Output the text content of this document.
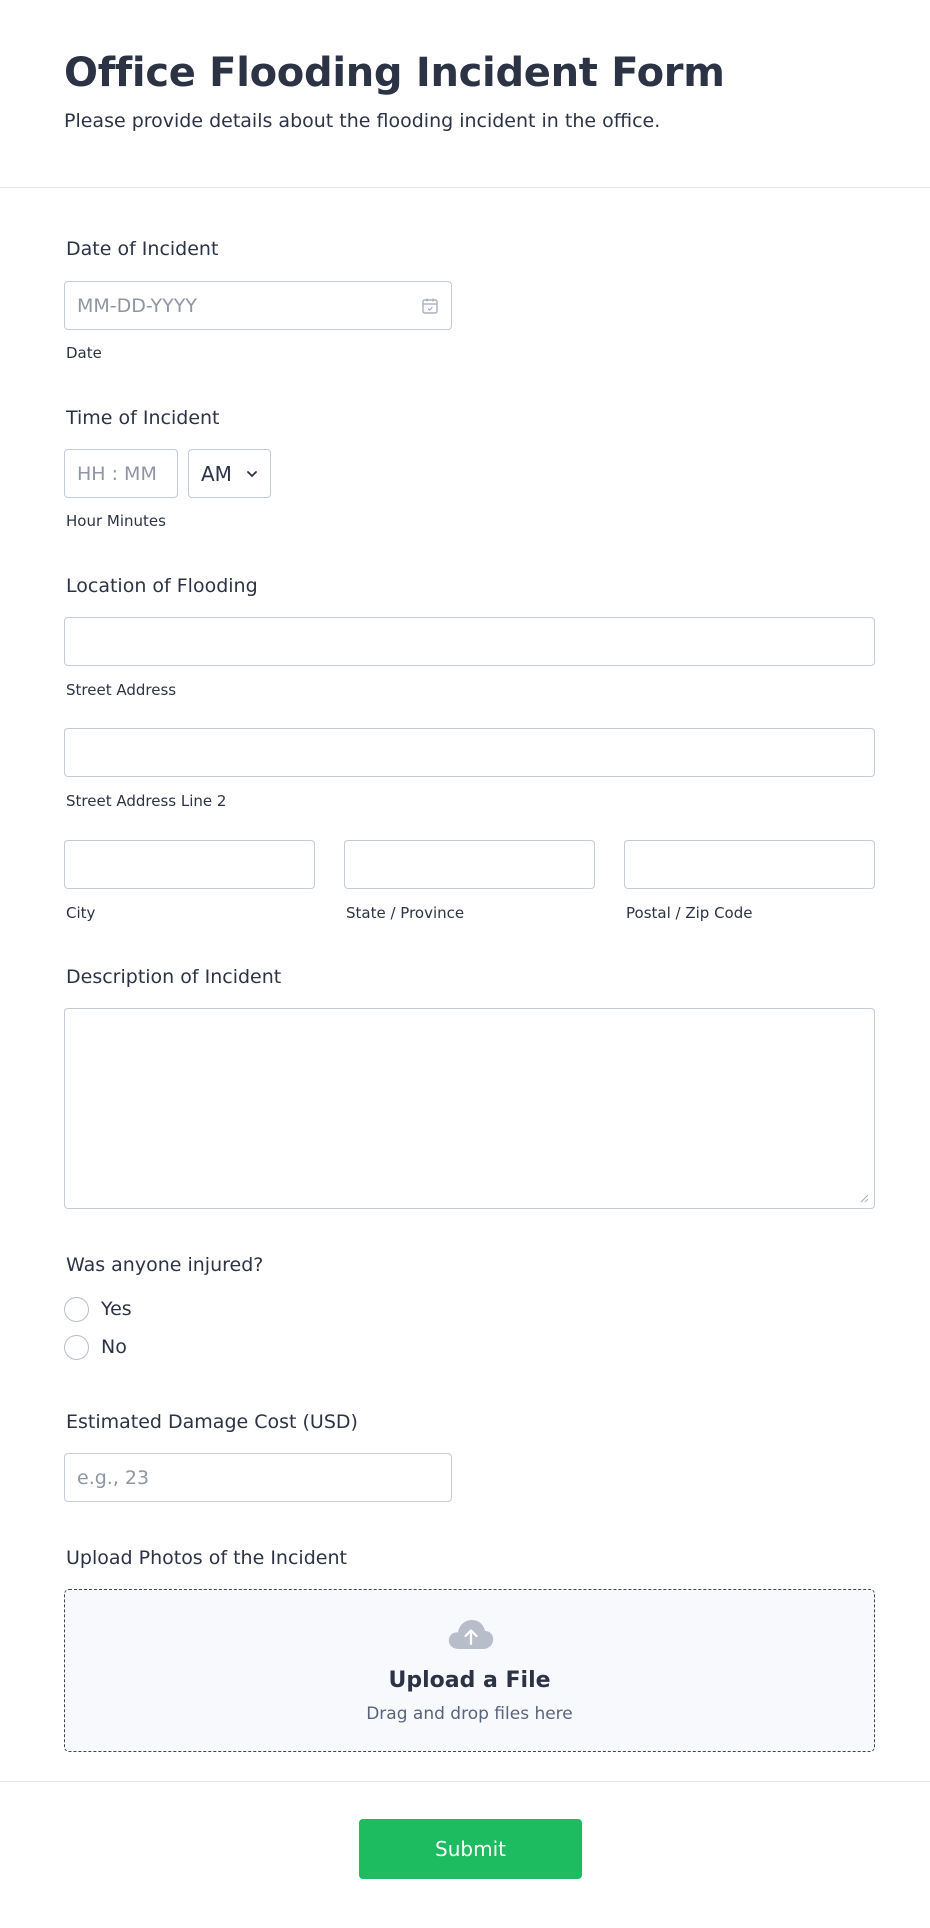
Office Flooding Incident Form
Please provide details about the flooding incident in the office.
Date of Incident
MM-DD-YYYY
Date
Time of Incident
HH : MM AM
Hour Minutes
Location of Flooding
Street Address
Street Address Line 2
City	State / Province	Postal / Zip Code
Description of Incident
Was anyone injured?
Yes
No
Estimated Damage Cost (USD)
e.g., 23
Upload Photos of the Incident
Upload a File
Drag and drop files here
Submit
